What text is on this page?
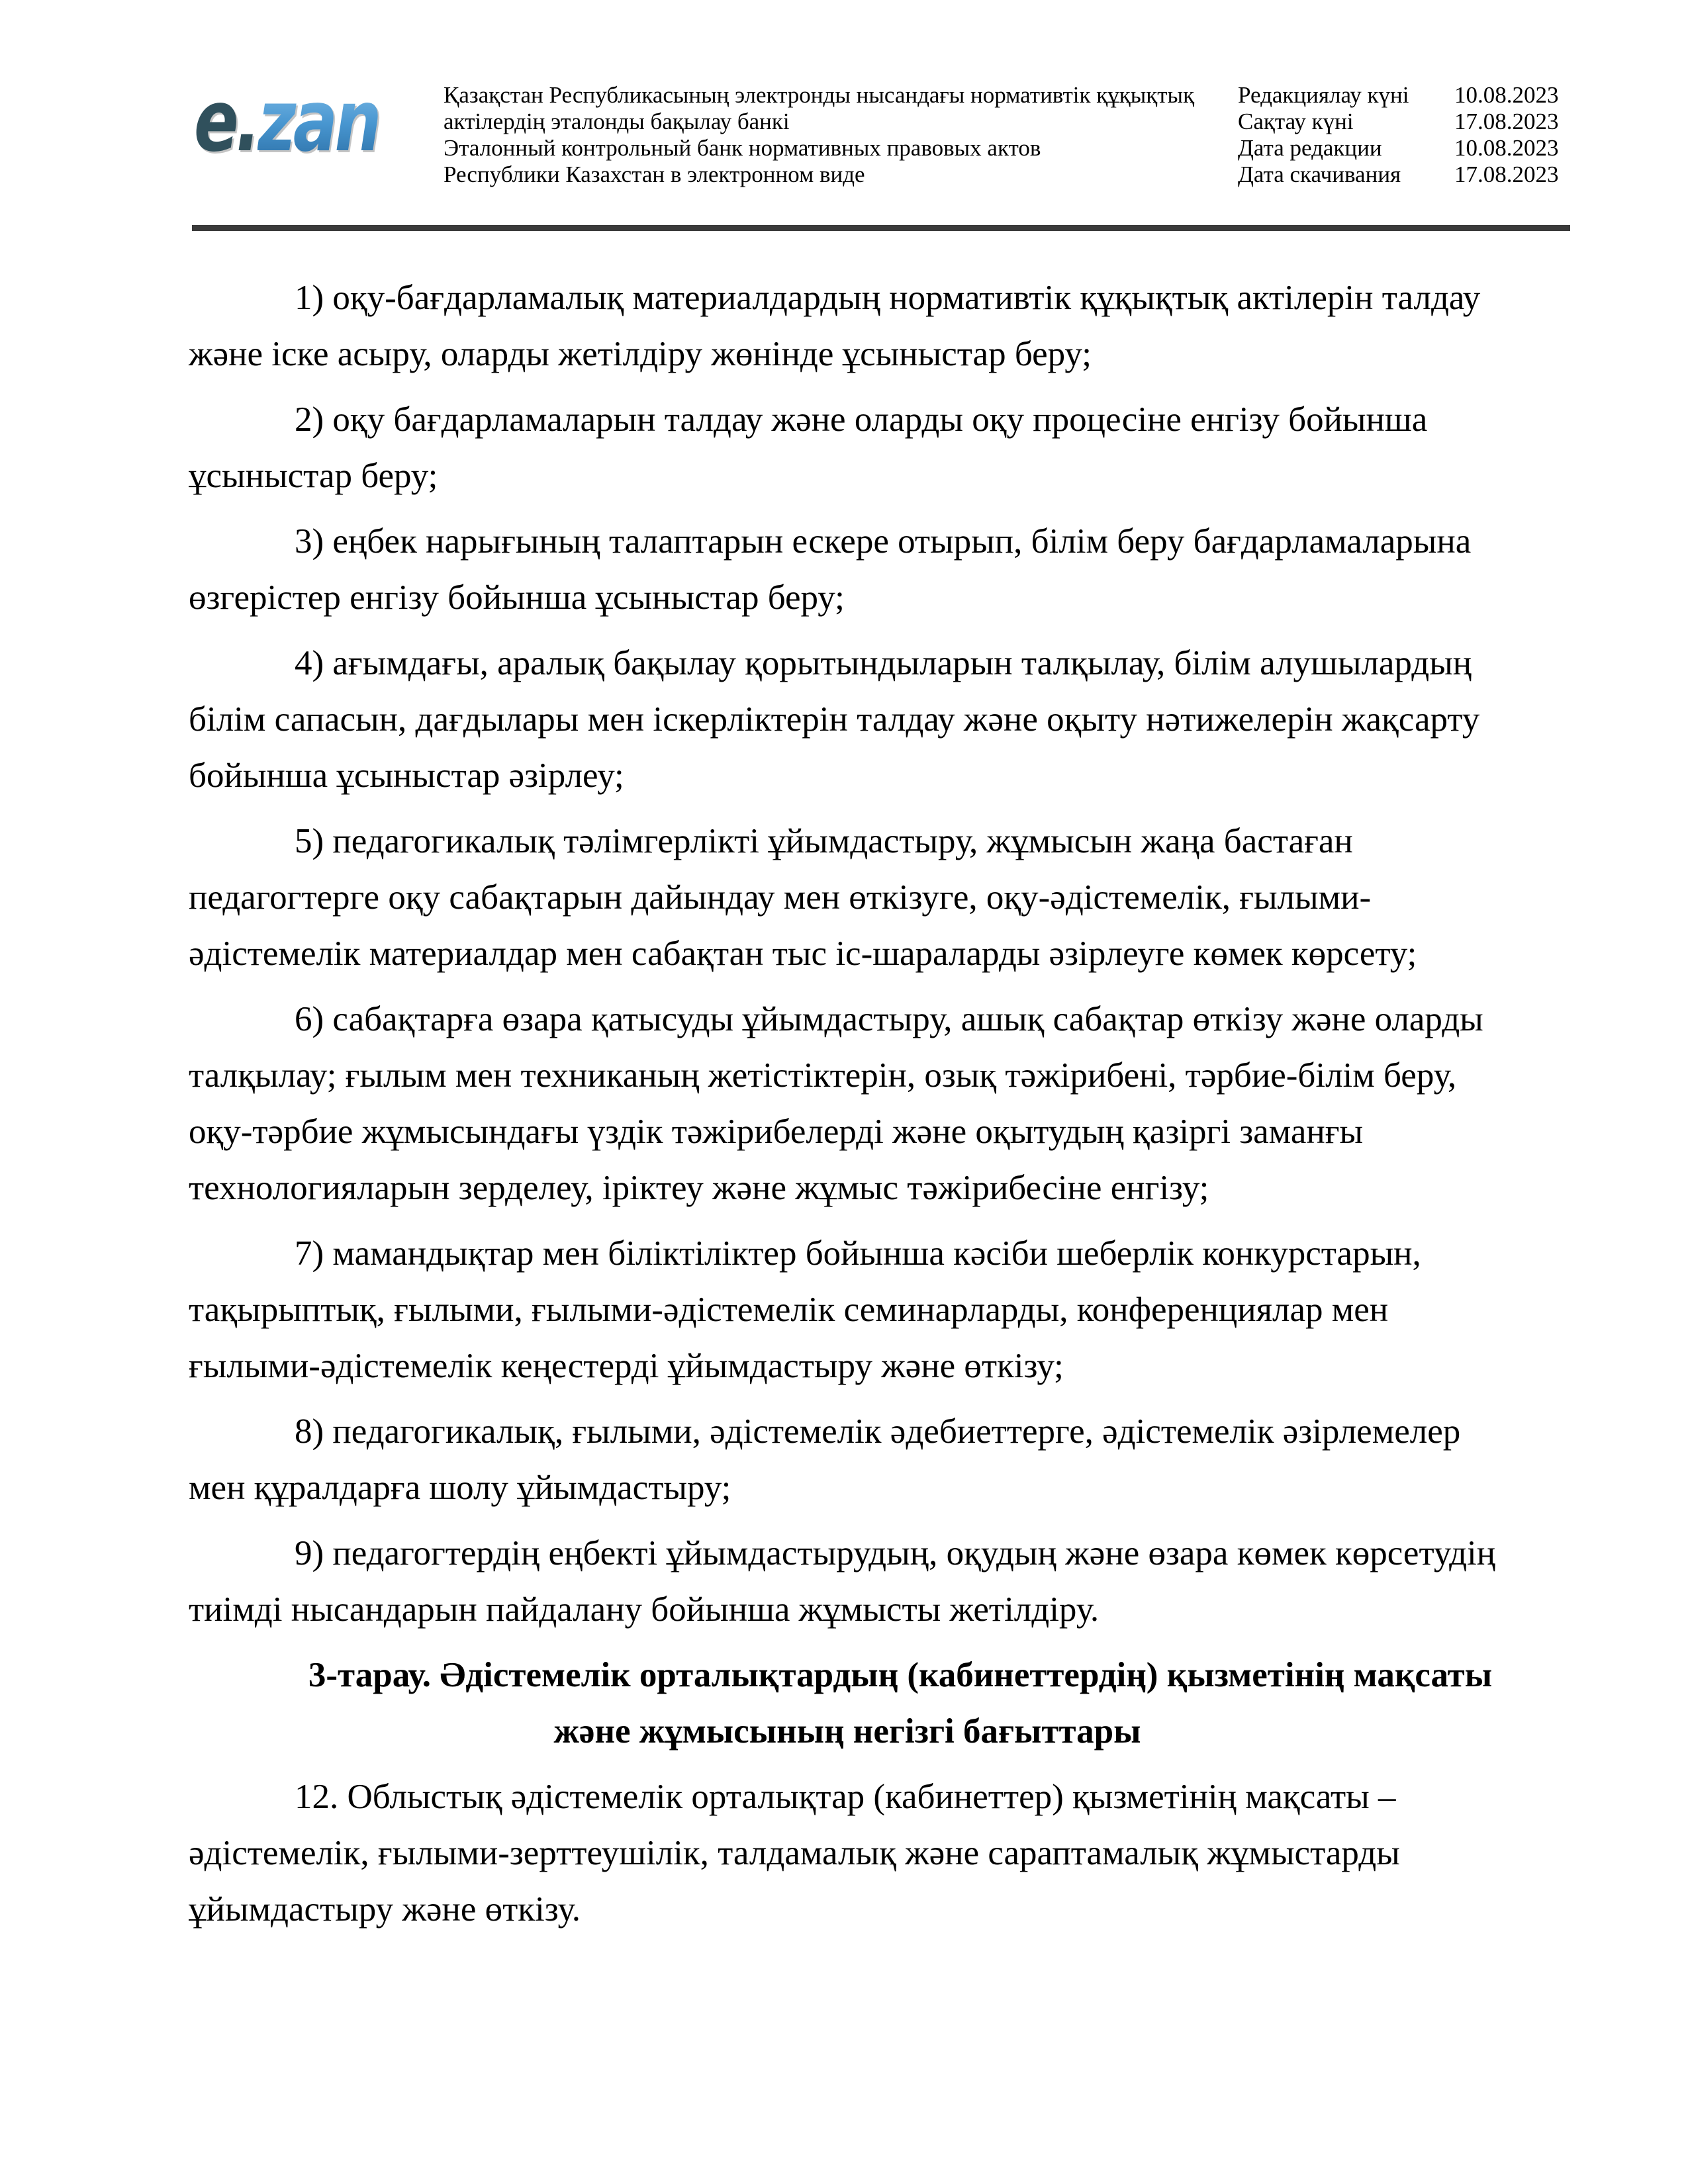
e.zan	Қазақстан Республикасының электронды нысандағы нормативтік құқықтық
актілердің эталонды бақылау банкі
Эталонный контрольный банк нормативных правовых актов
Республики Казахстан в электронном виде
Редакциялау күні	10.08.2023
Сақтау күні	17.08.2023
Дата редакции	10.08.2023
Дата скачивания	17.08.2023

1) оқу-бағдарламалық материалдардың нормативтік құқықтық актілерін талдау және іске асыру, оларды жетілдіру жөнінде ұсыныстар беру;

2) оқу бағдарламаларын талдау және оларды оқу процесіне енгізу бойынша ұсыныстар беру;

3) еңбек нарығының талаптарын ескере отырып, білім беру бағдарламаларына өзгерістер енгізу бойынша ұсыныстар беру;

4) ағымдағы, аралық бақылау қорытындыларын талқылау, білім алушылардың білім сапасын, дағдылары мен іскерліктерін талдау және оқыту нәтижелерін жақсарту бойынша ұсыныстар әзірлеу;

5) педагогикалық тәлімгерлікті ұйымдастыру, жұмысын жаңа бастаған педагогтерге оқу сабақтарын дайындау мен өткізуге, оқу-әдістемелік, ғылыми-әдістемелік материалдар мен сабақтан тыс іс-шараларды әзірлеуге көмек көрсету;

6) сабақтарға өзара қатысуды ұйымдастыру, ашық сабақтар өткізу және оларды талқылау; ғылым мен техниканың жетістіктерін, озық тәжірибені, тәрбие-білім беру, оқу-тәрбие жұмысындағы үздік тәжірибелерді және оқытудың қазіргі заманғы технологияларын зерделеу, іріктеу және жұмыс тәжірибесіне енгізу;

7) мамандықтар мен біліктіліктер бойынша кәсіби шеберлік конкурстарын, тақырыптық, ғылыми, ғылыми-әдістемелік семинарларды, конференциялар мен ғылыми-әдістемелік кеңестерді ұйымдастыру және өткізу;

8) педагогикалық, ғылыми, әдістемелік әдебиеттерге, әдістемелік әзірлемелер мен құралдарға шолу ұйымдастыру;

9) педагогтердің еңбекті ұйымдастырудың, оқудың және өзара көмек көрсетудің тиімді нысандарын пайдалану бойынша жұмысты жетілдіру.

3-тарау. Әдістемелік орталықтардың (кабинеттердің) қызметінің мақсаты және жұмысының негізгі бағыттары

12. Облыстық әдістемелік орталықтар (кабинеттер) қызметінің мақсаты – әдістемелік, ғылыми-зерттеушілік, талдамалық және сараптамалық жұмыстарды ұйымдастыру және өткізу.
